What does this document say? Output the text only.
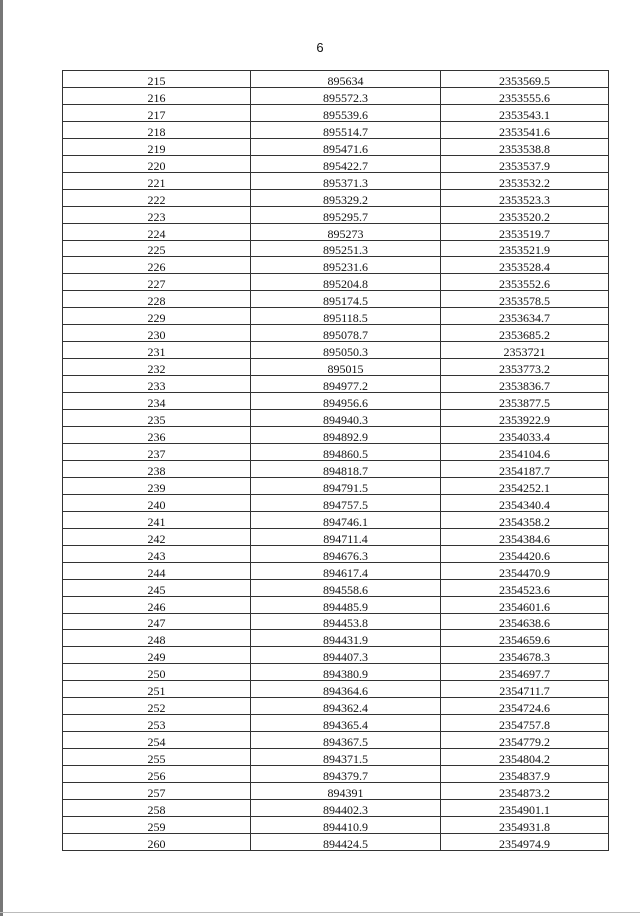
6
215	895634	2353569.5
216	895572.3	2353555.6
217	895539.6	2353543.1
218	895514.7	2353541.6
219	895471.6	2353538.8
220	895422.7	2353537.9
221	895371.3	2353532.2
222	895329.2	2353523.3
223	895295.7	2353520.2
224	895273	2353519.7
225	895251.3	2353521.9
226	895231.6	2353528.4
227	895204.8	2353552.6
228	895174.5	2353578.5
229	895118.5	2353634.7
230	895078.7	2353685.2
231	895050.3	2353721
232	895015	2353773.2
233	894977.2	2353836.7
234	894956.6	2353877.5
235	894940.3	2353922.9
236	894892.9	2354033.4
237	894860.5	2354104.6
238	894818.7	2354187.7
239	894791.5	2354252.1
240	894757.5	2354340.4
241	894746.1	2354358.2
242	894711.4	2354384.6
243	894676.3	2354420.6
244	894617.4	2354470.9
245	894558.6	2354523.6
246	894485.9	2354601.6
247	894453.8	2354638.6
248	894431.9	2354659.6
249	894407.3	2354678.3
250	894380.9	2354697.7
251	894364.6	2354711.7
252	894362.4	2354724.6
253	894365.4	2354757.8
254	894367.5	2354779.2
255	894371.5	2354804.2
256	894379.7	2354837.9
257	894391	2354873.2
258	894402.3	2354901.1
259	894410.9	2354931.8
260	894424.5	2354974.9
